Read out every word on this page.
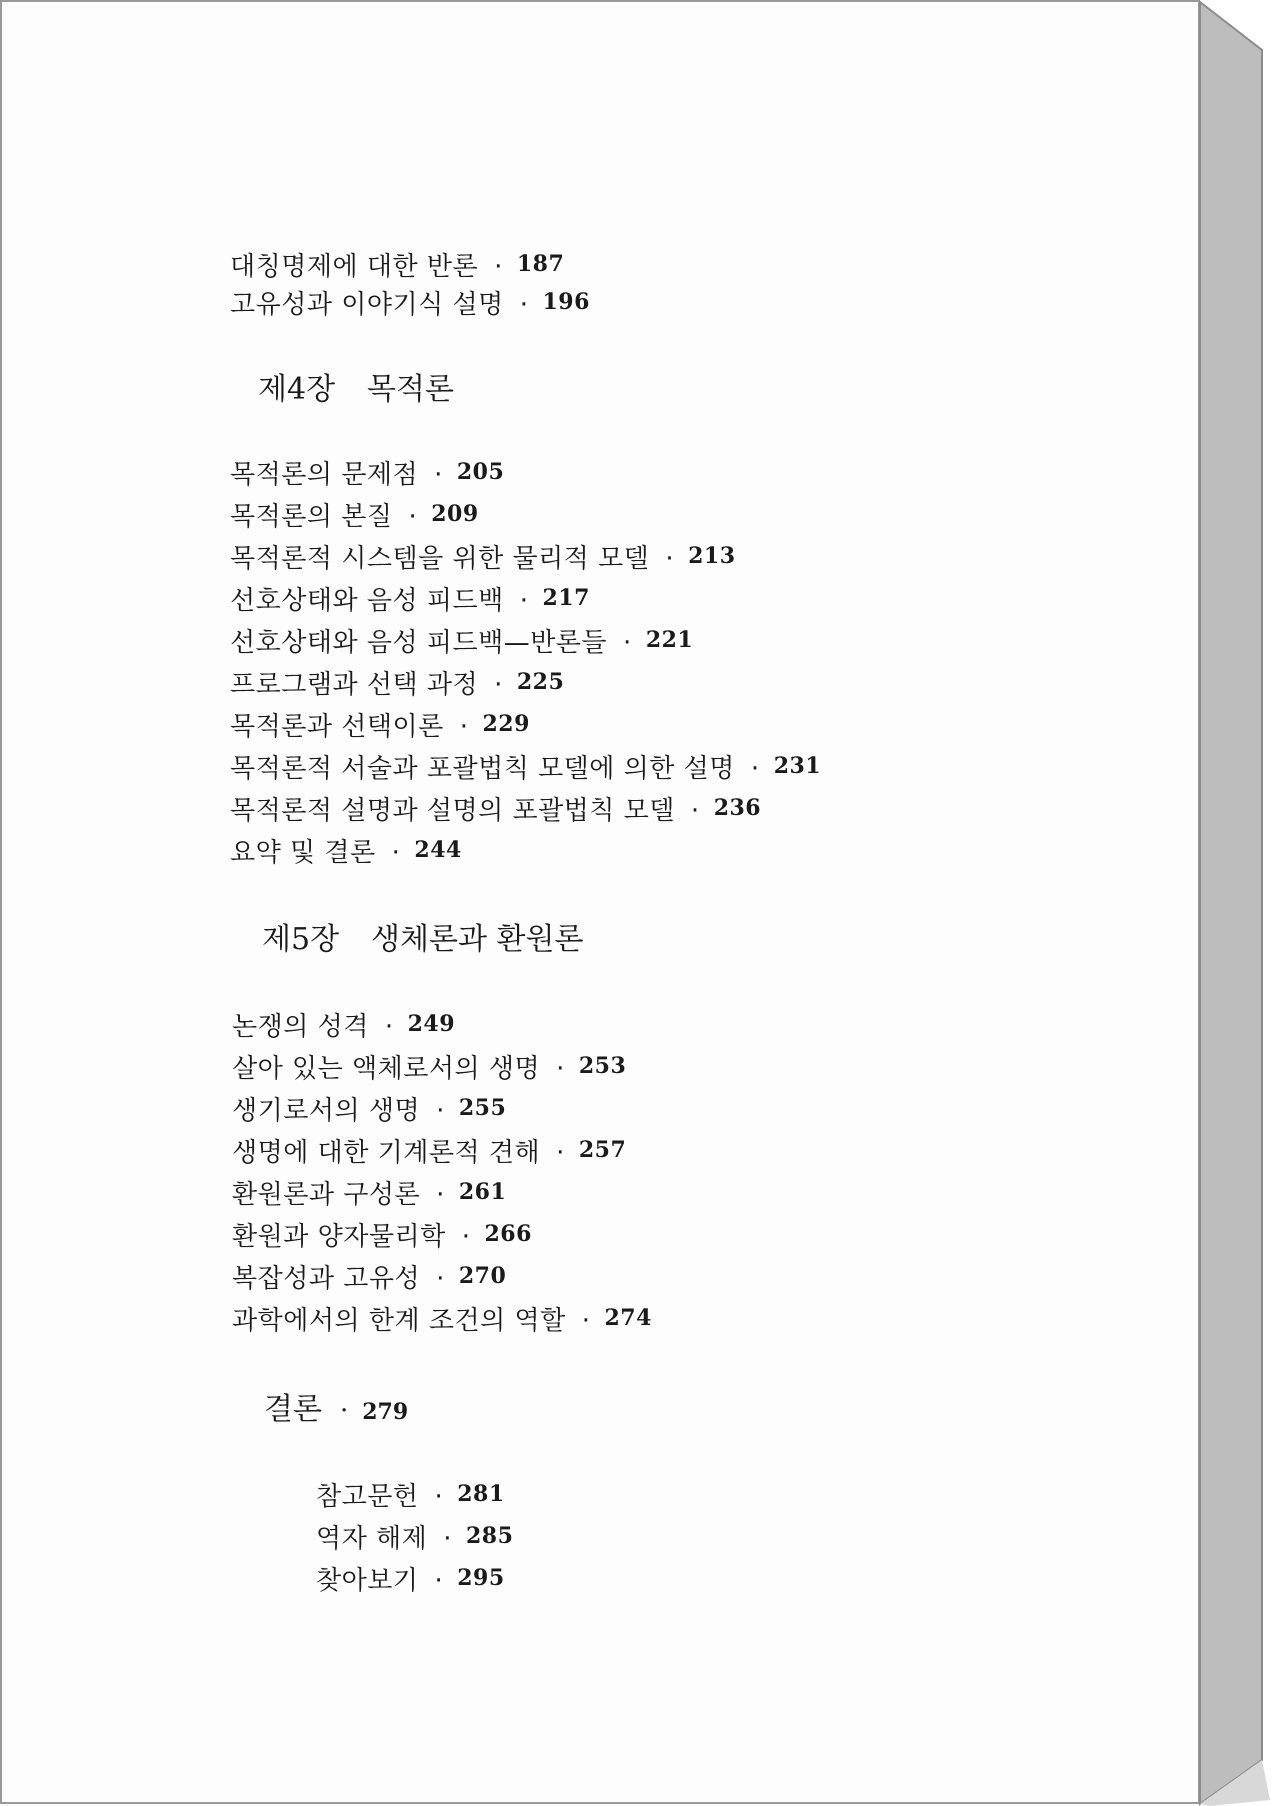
대칭명제에 대한 반론 · 187
고유성과 이야기식 설명 · 196
제4장 목적론
목적론의 문제점 · 205
목적론의 본질 · 209
목적론적 시스템을 위한 물리적 모델 · 213
선호상태와 음성 피드백 · 217
선호상태와 음성 피드백—반론들 · 221
프로그램과 선택 과정 · 225
목적론과 선택이론 · 229
목적론적 서술과 포괄법칙 모델에 의한 설명 · 231
목적론적 설명과 설명의 포괄법칙 모델 · 236
요약 및 결론 · 244
제5장 생체론과 환원론
논쟁의 성격 · 249
살아 있는 액체로서의 생명 · 253
생기로서의 생명 · 255
생명에 대한 기계론적 견해 · 257
환원론과 구성론 · 261
환원과 양자물리학 · 266
복잡성과 고유성 · 270
과학에서의 한계 조건의 역할 · 274
결론 · 279
참고문헌 · 281
역자 해제 · 285
찾아보기 · 295
